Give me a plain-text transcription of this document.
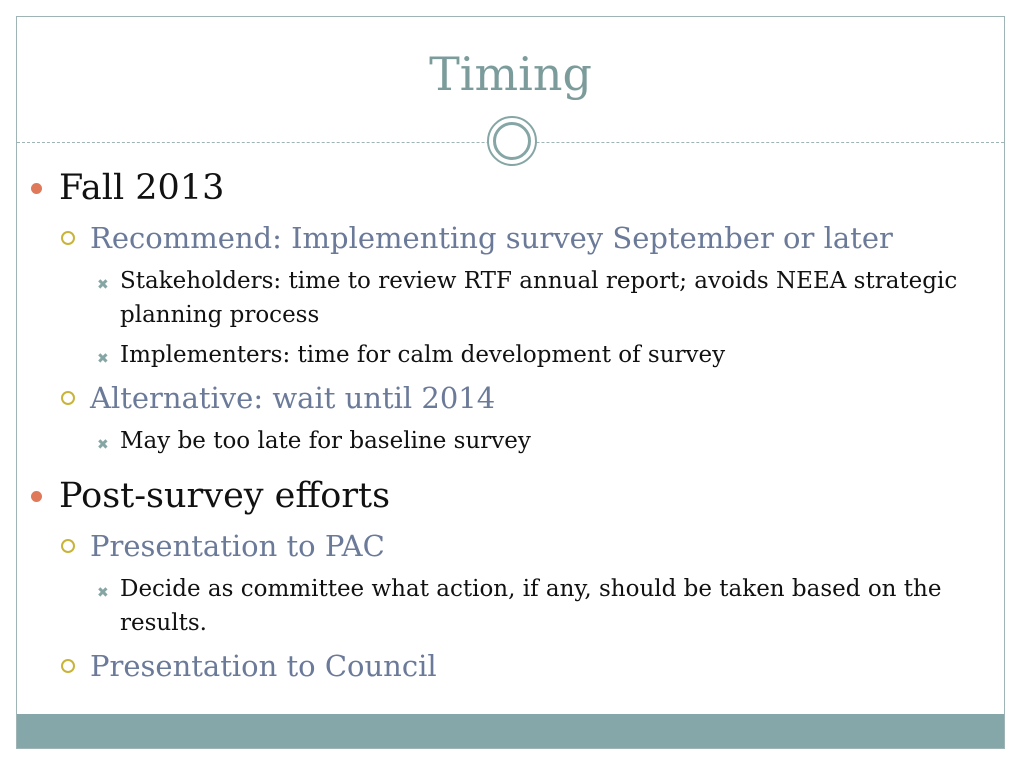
Timing
Fall 2013
Recommend: Implementing survey September or later
✖ Stakeholders: time to review RTF annual report; avoids NEEA strategic planning process
✖ Implementers: time for calm development of survey
Alternative: wait until 2014
✖ May be too late for baseline survey
Post-survey efforts
Presentation to PAC
✖ Decide as committee what action, if any, should be taken based on the results.
Presentation to Council
